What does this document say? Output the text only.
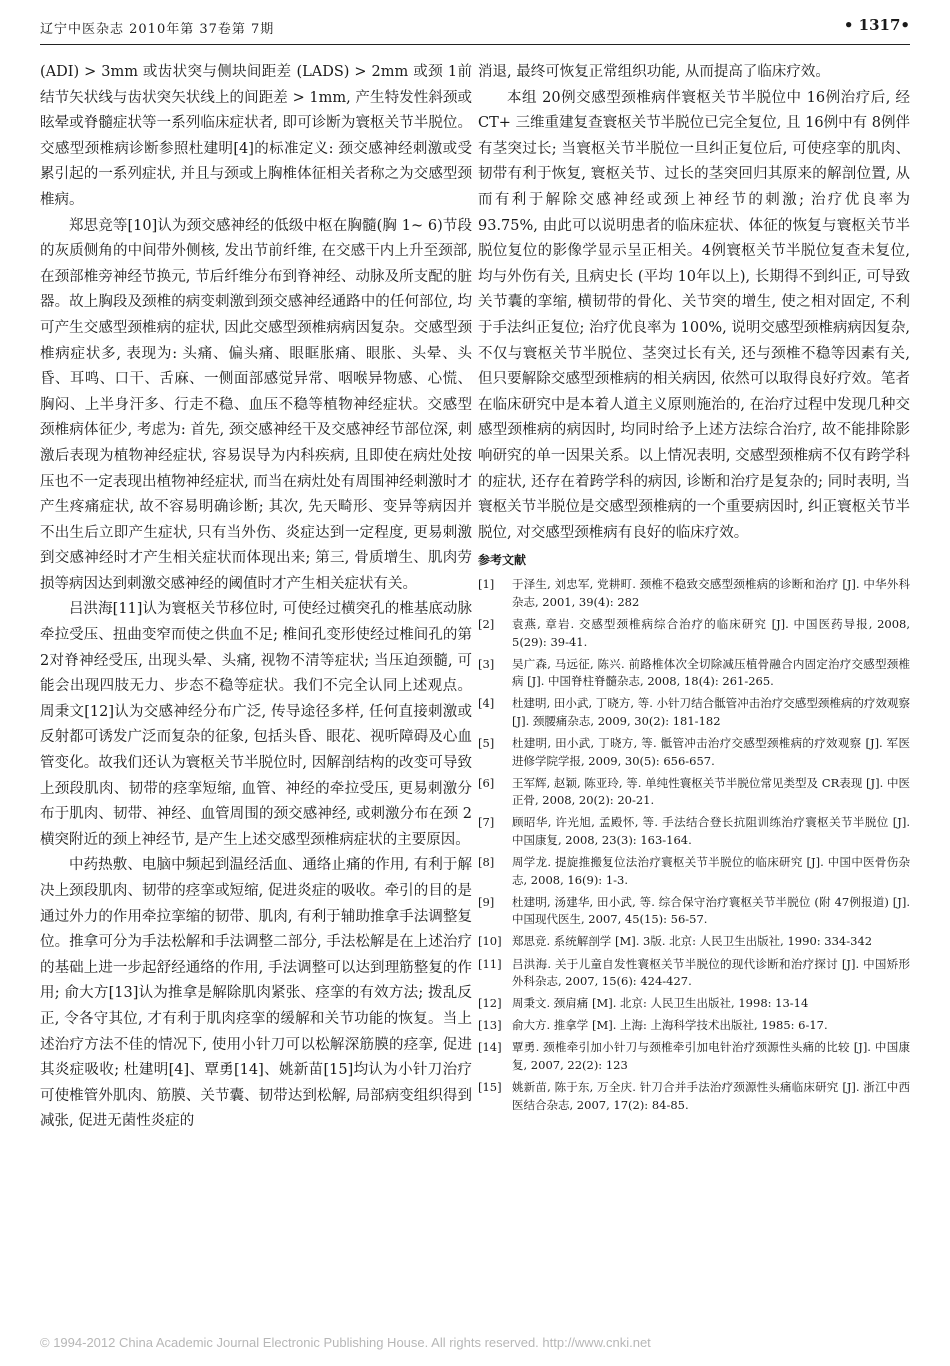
辽宁中医杂志 2010年第 37卷第 7期	• 1317•

(ADI) > 3mm 或齿状突与侧块间距差 (LADS) > 2mm 或颈 1前结节矢状线与齿状突矢状线上的间距差 > 1mm, 产生特发性斜颈或眩晕或脊髓症状等一系列临床症状者, 即可诊断为寰枢关节半脱位。交感型颈椎病诊断参照杜建明[4]的标准定义: 颈交感神经刺激或受累引起的一系列症状, 并且与颈或上胸椎体征相关者称之为交感型颈椎病。

郑思竞等[10]认为颈交感神经的低级中枢在胸髓(胸 1~ 6)节段的灰质侧角的中间带外侧核, 发出节前纤维, 在交感干内上升至颈部, 在颈部椎旁神经节换元, 节后纤维分布到脊神经、动脉及所支配的脏器。故上胸段及颈椎的病变刺激到颈交感神经通路中的任何部位, 均可产生交感型颈椎病的症状, 因此交感型颈椎病病因复杂。交感型颈椎病症状多, 表现为: 头痛、偏头痛、眼眶胀痛、眼胀、头晕、头昏、耳鸣、口干、舌麻、一侧面部感觉异常、咽喉异物感、心慌、胸闷、上半身汗多、行走不稳、血压不稳等植物神经症状。交感型颈椎病体征少, 考虑为: 首先, 颈交感神经干及交感神经节部位深, 刺激后表现为植物神经症状, 容易误导为内科疾病, 且即使在病灶处按压也不一定表现出植物神经症状, 而当在病灶处有周围神经刺激时才产生疼痛症状, 故不容易明确诊断; 其次, 先天畸形、变异等病因并不出生后立即产生症状, 只有当外伤、炎症达到一定程度, 更易刺激到交感神经时才产生相关症状而体现出来; 第三, 骨质增生、肌肉劳损等病因达到刺激交感神经的阈值时才产生相关症状有关。

吕洪海[11]认为寰枢关节移位时, 可使经过横突孔的椎基底动脉牵拉受压、扭曲变窄而使之供血不足; 椎间孔变形使经过椎间孔的第 2对脊神经受压, 出现头晕、头痛, 视物不清等症状; 当压迫颈髓, 可能会出现四肢无力、步态不稳等症状。我们不完全认同上述观点。周秉文[12]认为交感神经分布广泛, 传导途径多样, 任何直接刺激或反射都可诱发广泛而复杂的征象, 包括头昏、眼花、视听障碍及心血管变化。故我们还认为寰枢关节半脱位时, 因解剖结构的改变可导致上颈段肌肉、韧带的痉挛短缩, 血管、神经的牵拉受压, 更易刺激分布于肌肉、韧带、神经、血管周围的颈交感神经, 或刺激分布在颈 2横突附近的颈上神经节, 是产生上述交感型颈椎病症状的主要原因。

中药热敷、电脑中频起到温经活血、通络止痛的作用, 有利于解决上颈段肌肉、韧带的痉挛或短缩, 促进炎症的吸收。牵引的目的是通过外力的作用牵拉挛缩的韧带、肌肉, 有利于辅助推拿手法调整复位。推拿可分为手法松解和手法调整二部分, 手法松解是在上述治疗的基础上进一步起舒经通络的作用, 手法调整可以达到理筋整复的作用; 俞大方[13]认为推拿是解除肌肉紧张、痉挛的有效方法; 拨乱反正, 令各守其位, 才有利于肌肉痉挛的缓解和关节功能的恢复。当上述治疗方法不佳的情况下, 使用小针刀可以松解深筋膜的痉挛, 促进其炎症吸收; 杜建明[4]、覃勇[14]、姚新苗[15]均认为小针刀治疗可使椎管外肌肉、筋膜、关节囊、韧带达到松解, 局部病变组织得到减张, 促进无菌性炎症的

消退, 最终可恢复正常组织功能, 从而提高了临床疗效。

本组 20例交感型颈椎病伴寰枢关节半脱位中 16例治疗后, 经 CT+ 三维重建复查寰枢关节半脱位已完全复位, 且 16例中有 8例伴有茎突过长; 当寰枢关节半脱位一旦纠正复位后, 可使痉挛的肌肉、韧带有利于恢复, 寰枢关节、过长的茎突回归其原来的解剖位置, 从而有利于解除交感神经或颈上神经节的刺激; 治疗优良率为 93.75%, 由此可以说明患者的临床症状、体征的恢复与寰枢关节半脱位复位的影像学显示呈正相关。4例寰枢关节半脱位复查未复位, 均与外伤有关, 且病史长 (平均 10年以上), 长期得不到纠正, 可导致关节囊的挛缩, 横韧带的骨化、关节突的增生, 使之相对固定, 不利于手法纠正复位; 治疗优良率为 100%, 说明交感型颈椎病病因复杂, 不仅与寰枢关节半脱位、茎突过长有关, 还与颈椎不稳等因素有关, 但只要解除交感型颈椎病的相关病因, 依然可以取得良好疗效。笔者在临床研究中是本着人道主义原则施治的, 在治疗过程中发现几种交感型颈椎病的病因时, 均同时给予上述方法综合治疗, 故不能排除影响研究的单一因果关系。以上情况表明, 交感型颈椎病不仅有跨学科的症状, 还存在着跨学科的病因, 诊断和治疗是复杂的; 同时表明, 当寰枢关节半脱位是交感型颈椎病的一个重要病因时, 纠正寰枢关节半脱位, 对交感型颈椎病有良好的临床疗效。

参考文献
[1]	于泽生, 刘忠军, 党耕町. 颈椎不稳致交感型颈椎病的诊断和治疗 [J]. 中华外科杂志, 2001, 39(4): 282
[2]	袁燕, 章岩. 交感型颈椎病综合治疗的临床研究 [J]. 中国医药导报, 2008, 5(29): 39-41.
[3]	吴广森, 马远征, 陈兴. 前路椎体次全切除减压植骨融合内固定治疗交感型颈椎病 [J]. 中国脊柱脊髓杂志, 2008, 18(4): 261-265.
[4]	杜建明, 田小武, 丁晓方, 等. 小针刀结合骶管冲击治疗交感型颈椎病的疗效观察 [J]. 颈腰痛杂志, 2009, 30(2): 181-182
[5]	杜建明, 田小武, 丁晓方, 等. 骶管冲击治疗交感型颈椎病的疗效观察 [J]. 军医进修学院学报, 2009, 30(5): 656-657.
[6]	王军辉, 赵颖, 陈亚玲, 等. 单纯性寰枢关节半脱位常见类型及 CR表现 [J]. 中医正骨, 2008, 20(2): 20-21.
[7]	顾昭华, 许光旭, 孟殿怀, 等. 手法结合登长抗阻训练治疗寰枢关节半脱位 [J]. 中国康复, 2008, 23(3): 163-164.
[8]	周学龙. 提旋推搬复位法治疗寰枢关节半脱位的临床研究 [J]. 中国中医骨伤杂志, 2008, 16(9): 1-3.
[9]	杜建明, 汤建华, 田小武, 等. 综合保守治疗寰枢关节半脱位 (附 47例报道) [J]. 中国现代医生, 2007, 45(15): 56-57.
[10] 郑思竞. 系统解剖学 [M]. 3版. 北京: 人民卫生出版社, 1990: 334-342
[11] 吕洪海. 关于儿童自发性寰枢关节半脱位的现代诊断和治疗探讨 [J]. 中国矫形外科杂志, 2007, 15(6): 424-427.
[12] 周秉文. 颈肩痛 [M]. 北京: 人民卫生出版社, 1998: 13-14
[13] 俞大方. 推拿学 [M]. 上海: 上海科学技术出版社, 1985: 6-17.
[14] 覃勇. 颈椎牵引加小针刀与颈椎牵引加电针治疗颈源性头痛的比较 [J]. 中国康复, 2007, 22(2): 123
[15] 姚新苗, 陈于东, 万全庆. 针刀合并手法治疗颈源性头痛临床研究 [J]. 浙江中西医结合杂志, 2007, 17(2): 84-85.
© 1994-2012 China Academic Journal Electronic Publishing House. All rights reserved. http://www.cnki.net
